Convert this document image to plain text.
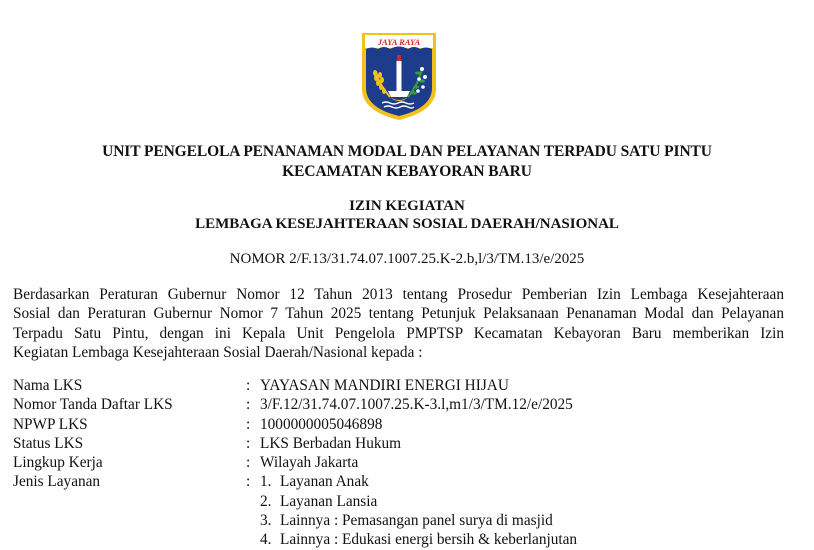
JAYA RAYA
UNIT PENGELOLA PENANAMAN MODAL DAN PELAYANAN TERPADU SATU PINTU
KECAMATAN KEBAYORAN BARU
IZIN KEGIATAN
LEMBAGA KESEJAHTERAAN SOSIAL DAERAH/NASIONAL
NOMOR 2/F.13/31.74.07.1007.25.K-2.b,l/3/TM.13/e/2025
Berdasarkan Peraturan Gubernur Nomor 12 Tahun 2013 tentang Prosedur Pemberian Izin Lembaga Kesejahteraan
Sosial dan Peraturan Gubernur Nomor 7 Tahun 2025 tentang Petunjuk Pelaksanaan Penanaman Modal dan Pelayanan
Terpadu Satu Pintu, dengan ini Kepala Unit Pengelola PMPTSP Kecamatan Kebayoran Baru memberikan Izin
Kegiatan Lembaga Kesejahteraan Sosial Daerah/Nasional kepada :
Nama LKS	: YAYASAN MANDIRI ENERGI HIJAU
Nomor Tanda Daftar LKS	: 3/F.12/31.74.07.1007.25.K-3.l,m1/3/TM.12/e/2025
NPWP LKS	: 1000000005046898
Status LKS	: LKS Berbadan Hukum
Lingkup Kerja	: Wilayah Jakarta
Jenis Layanan	: 1. Layanan Anak
2. Layanan Lansia
3. Lainnya : Pemasangan panel surya di masjid
4. Lainnya : Edukasi energi bersih & keberlanjutan
